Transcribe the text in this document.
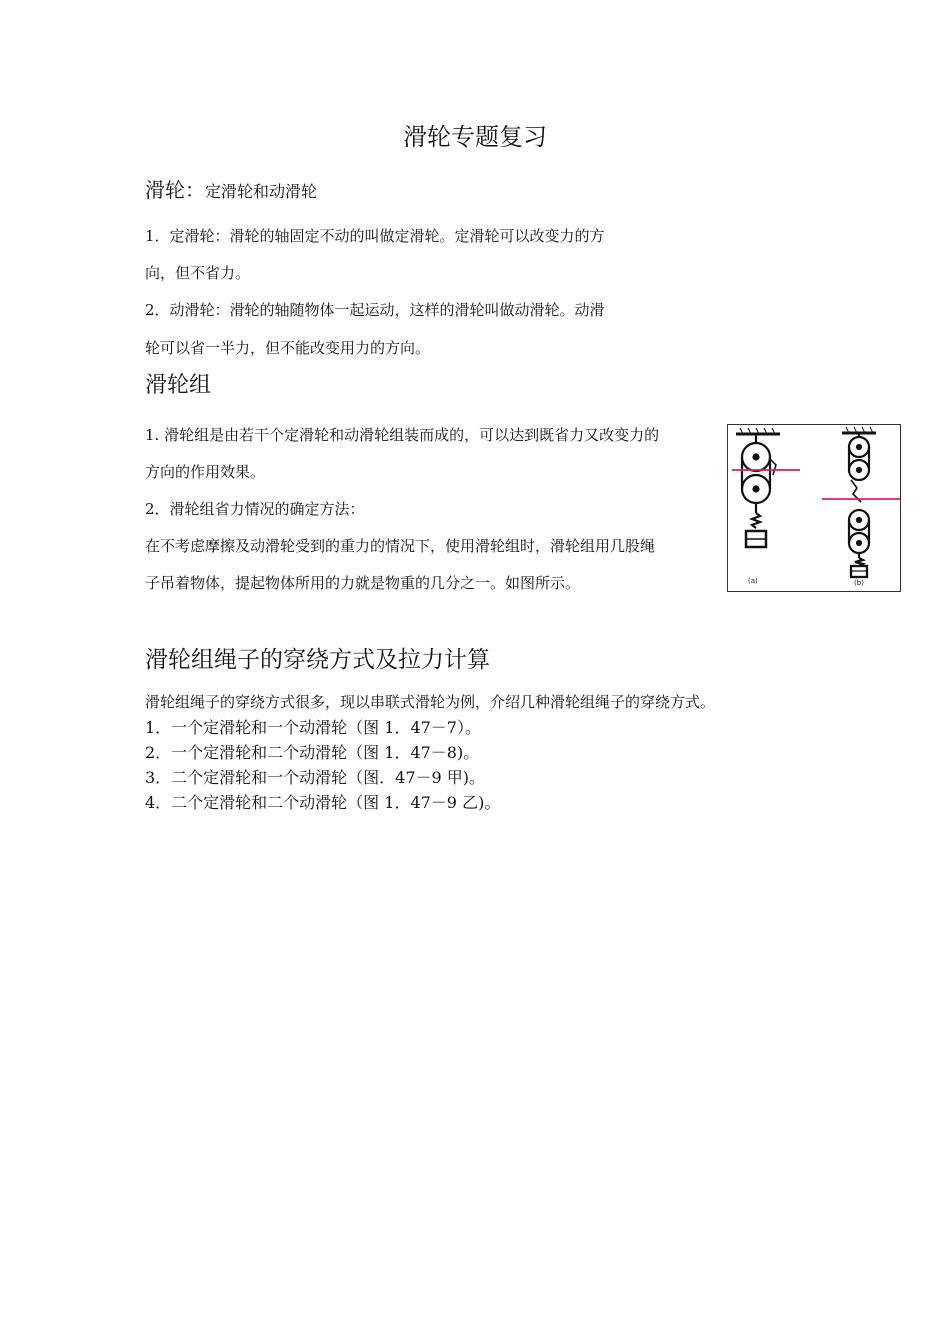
滑轮专题复习
滑轮：定滑轮和动滑轮
1．定滑轮：滑轮的轴固定不动的叫做定滑轮。定滑轮可以改变力的方
向，但不省力。
2．动滑轮：滑轮的轴随物体一起运动，这样的滑轮叫做动滑轮。动滑
轮可以省一半力，但不能改变用力的方向。
滑轮组
1. 滑轮组是由若干个定滑轮和动滑轮组装而成的，可以达到既省力又改变力的
方向的作用效果。
2．滑轮组省力情况的确定方法：
在不考虑摩擦及动滑轮受到的重力的情况下，使用滑轮组时，滑轮组用几股绳
子吊着物体，提起物体所用的力就是物重的几分之一。如图所示。	(a)	(b)
滑轮组绳子的穿绕方式及拉力计算
滑轮组绳子的穿绕方式很多，现以串联式滑轮为例，介绍几种滑轮组绳子的穿绕方式。
1．一个定滑轮和一个动滑轮（图 1．47－7）。
2．一个定滑轮和二个动滑轮（图 1．47－8)。
3．二个定滑轮和一个动滑轮（图．47－9 甲)。
4．二个定滑轮和二个动滑轮（图 1．47－9 乙)。
